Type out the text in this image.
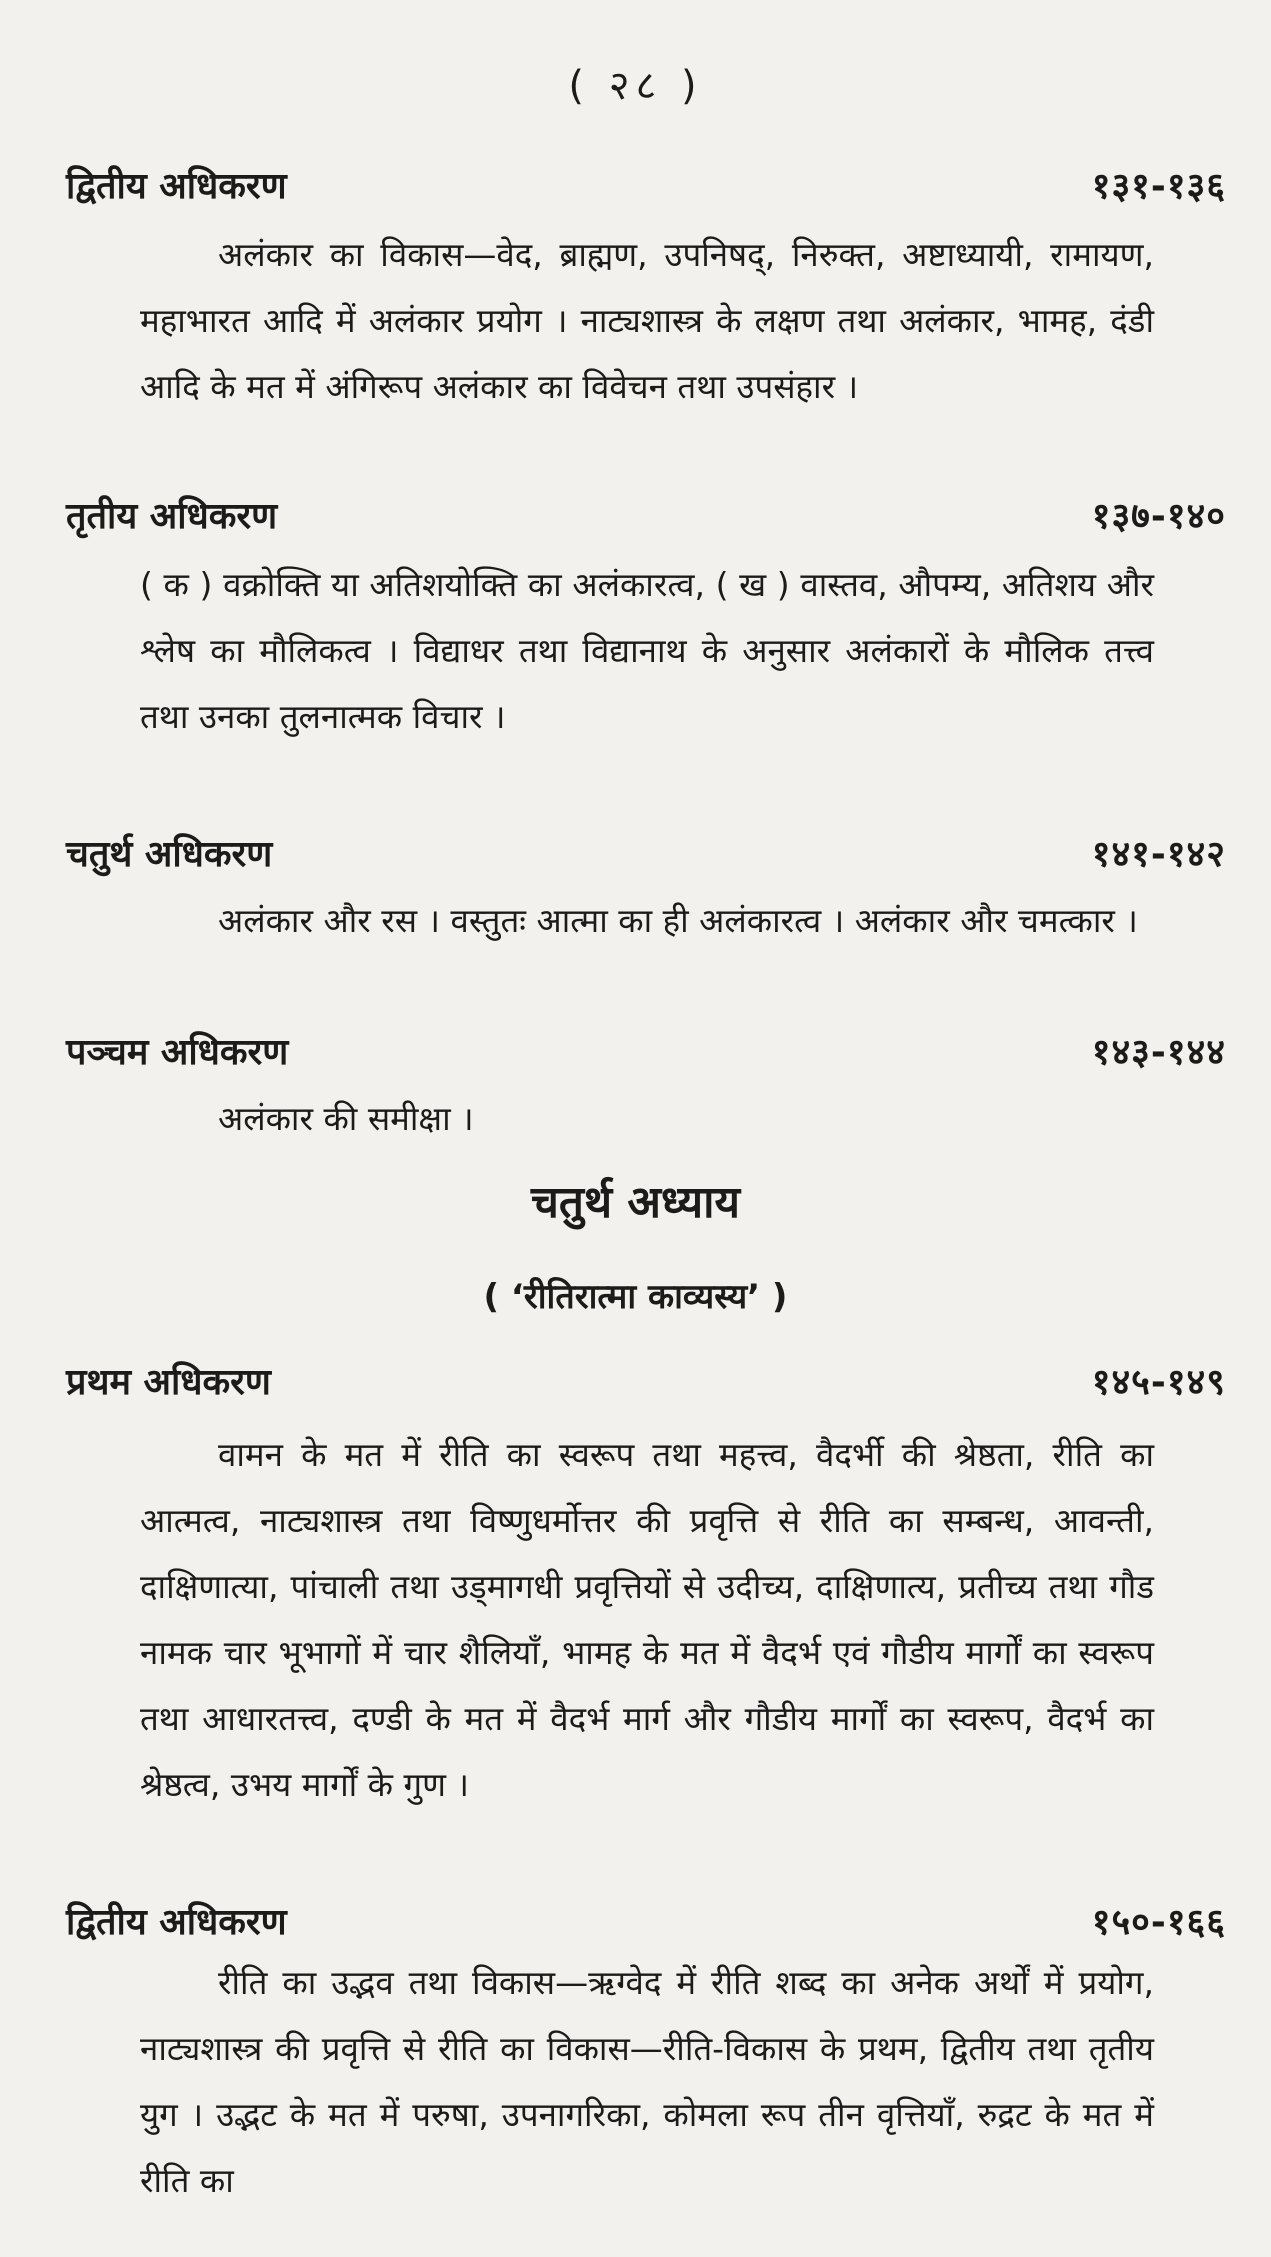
( २८ )
द्वितीय अधिकरण	१३१-१३६
अलंकार का विकास—वेद, ब्राह्मण, उपनिषद्, निरुक्त, अष्टाध्यायी, रामायण, महाभारत आदि में अलंकार प्रयोग । नाट्यशास्त्र के लक्षण तथा अलंकार, भामह, दंडी आदि के मत में अंगिरूप अलंकार का विवेचन तथा उपसंहार ।
तृतीय अधिकरण	१३७-१४०
( क ) वक्रोक्ति या अतिशयोक्ति का अलंकारत्व, ( ख ) वास्तव, औपम्य, अतिशय और श्लेष का मौलिकत्व । विद्याधर तथा विद्यानाथ के अनुसार अलंकारों के मौलिक तत्त्व तथा उनका तुलनात्मक विचार ।
चतुर्थ अधिकरण	१४१-१४२
अलंकार और रस । वस्तुतः आत्मा का ही अलंकारत्व । अलंकार और चमत्कार ।
पञ्चम अधिकरण	१४३-१४४
अलंकार की समीक्षा ।
चतुर्थ अध्याय
( ‘रीतिरात्मा काव्यस्य’ )
प्रथम अधिकरण	१४५-१४९
वामन के मत में रीति का स्वरूप तथा महत्त्व, वैदर्भी की श्रेष्ठता, रीति का आत्मत्व, नाट्यशास्त्र तथा विष्णुधर्मोत्तर की प्रवृत्ति से रीति का सम्बन्ध, आवन्ती, दाक्षिणात्या, पांचाली तथा उड्मागधी प्रवृत्तियों से उदीच्य, दाक्षिणात्य, प्रतीच्य तथा गौड नामक चार भूभागों में चार शैलियाँ, भामह के मत में वैदर्भ एवं गौडीय मार्गों का स्वरूप तथा आधारतत्त्व, दण्डी के मत में वैदर्भ मार्ग और गौडीय मार्गों का स्वरूप, वैदर्भ का श्रेष्ठत्व, उभय मार्गों के गुण ।
द्वितीय अधिकरण	१५०-१६६
रीति का उद्भव तथा विकास—ऋग्वेद में रीति शब्द का अनेक अर्थों में प्रयोग, नाट्यशास्त्र की प्रवृत्ति से रीति का विकास—रीति-विकास के प्रथम, द्वितीय तथा तृतीय युग । उद्भट के मत में परुषा, उपनागरिका, कोमला रूप तीन वृत्तियाँ, रुद्रट के मत में रीति का
